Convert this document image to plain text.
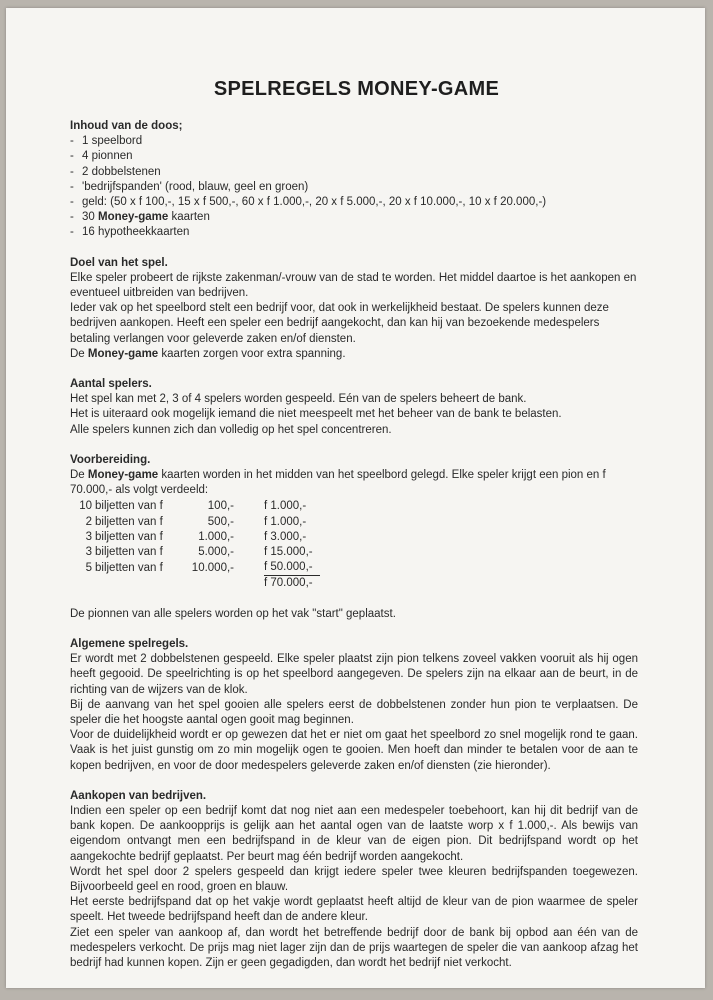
SPELREGELS MONEY-GAME
Inhoud van de doos;
- 1 speelbord
- 4 pionnen
- 2 dobbelstenen
- 'bedrijfspanden' (rood, blauw, geel en groen)
- geld: (50 x f 100,-, 15 x f 500,-, 60 x f 1.000,-, 20 x f 5.000,-, 20 x f 10.000,-, 10 x f 20.000,-)
- 30 Money-game kaarten
- 16 hypotheekkaarten
Doel van het spel.

Elke speler probeert de rijkste zakenman/-vrouw van de stad te worden. Het middel daartoe is het aankopen en eventueel uitbreiden van bedrijven.

Ieder vak op het speelbord stelt een bedrijf voor, dat ook in werkelijkheid bestaat. De spelers kunnen deze bedrijven aankopen. Heeft een speler een bedrijf aangekocht, dan kan hij van bezoekende medespelers betaling verlangen voor geleverde zaken en/of diensten.

De Money-game kaarten zorgen voor extra spanning.

Aantal spelers.

Het spel kan met 2, 3 of 4 spelers worden gespeeld. Eén van de spelers beheert de bank.

Het is uiteraard ook mogelijk iemand die niet meespeelt met het beheer van de bank te belasten.

Alle spelers kunnen zich dan volledig op het spel concentreren.

Voorbereiding.

De Money-game kaarten worden in het midden van het speelbord gelegd. Elke speler krijgt een pion en f 70.000,- als volgt verdeeld:

10	biljetten van f	100,-		f 1.000,-
2	biljetten van f	500,-		f 1.000,-
3	biljetten van f	1.000,-		f 3.000,-
3	biljetten van f	5.000,-		f 15.000,-
5	biljetten van f	10.000,-		f 50.000,-
				f 70.000,-

De pionnen van alle spelers worden op het vak "start" geplaatst.

Algemene spelregels.

Er wordt met 2 dobbelstenen gespeeld. Elke speler plaatst zijn pion telkens zoveel vakken vooruit als hij ogen heeft gegooid. De speelrichting is op het speelbord aangegeven. De spelers zijn na elkaar aan de beurt, in de richting van de wijzers van de klok.

Bij de aanvang van het spel gooien alle spelers eerst de dobbelstenen zonder hun pion te verplaatsen. De speler die het hoogste aantal ogen gooit mag beginnen.

Voor de duidelijkheid wordt er op gewezen dat het er niet om gaat het speelbord zo snel mogelijk rond te gaan. Vaak is het juist gunstig om zo min mogelijk ogen te gooien. Men hoeft dan minder te betalen voor de aan te kopen bedrijven, en voor de door medespelers geleverde zaken en/of diensten (zie hieronder).

Aankopen van bedrijven.

Indien een speler op een bedrijf komt dat nog niet aan een medespeler toebehoort, kan hij dit bedrijf van de bank kopen. De aankoopprijs is gelijk aan het aantal ogen van de laatste worp x f 1.000,-. Als bewijs van eigendom ontvangt men een bedrijfspand in de kleur van de eigen pion. Dit bedrijfspand wordt op het aangekochte bedrijf geplaatst. Per beurt mag één bedrijf worden aangekocht.

Wordt het spel door 2 spelers gespeeld dan krijgt iedere speler twee kleuren bedrijfspanden toegewezen. Bijvoorbeeld geel en rood, groen en blauw.

Het eerste bedrijfspand dat op het vakje wordt geplaatst heeft altijd de kleur van de pion waarmee de speler speelt. Het tweede bedrijfspand heeft dan de andere kleur.

Ziet een speler van aankoop af, dan wordt het betreffende bedrijf door de bank bij opbod aan één van de medespelers verkocht. De prijs mag niet lager zijn dan de prijs waartegen de speler die van aankoop afzag het bedrijf had kunnen kopen. Zijn er geen gegadigden, dan wordt het bedrijf niet verkocht.
